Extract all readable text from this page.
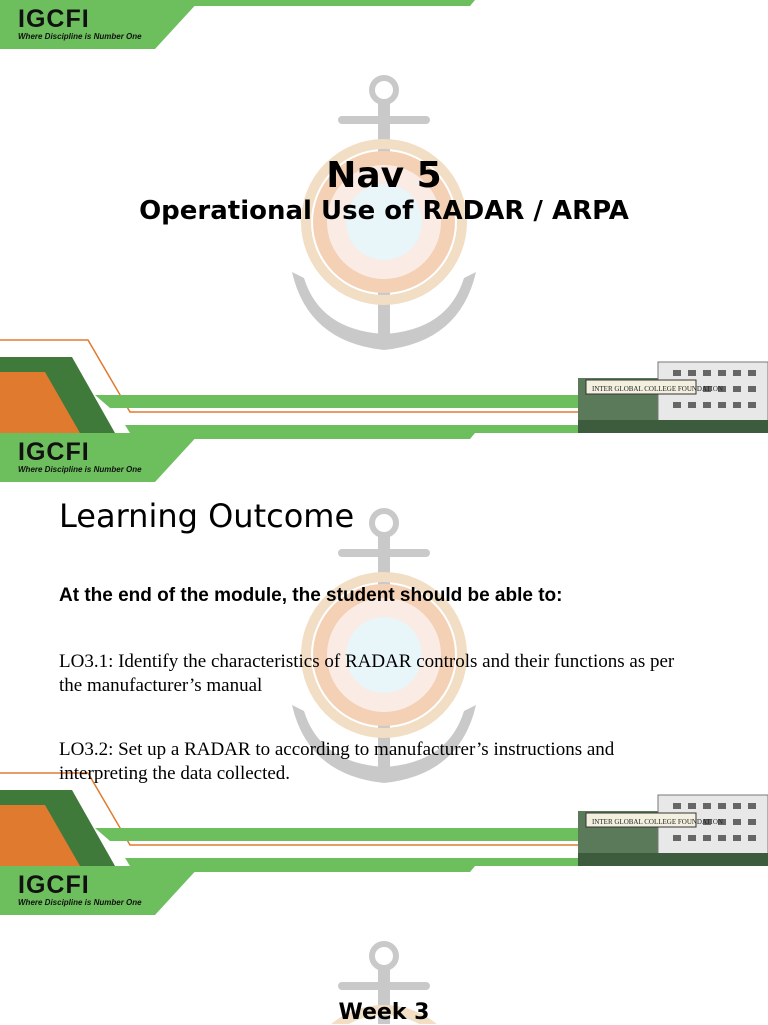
IGCFI
Where Discipline is Number One
Nav 5
Operational Use of RADAR / ARPA
INTER GLOBAL COLLEGE FOUNDATION
IGCFI
Where Discipline is Number One
INTER GLOBAL COLLEGE FOUNDATION
Learning Outcome
At the end of the module, the student should be able to:
LO3.1: Identify the characteristics of RADAR controls and their functions as per the manufacturer’s manual
LO3.2: Set up a RADAR to according to manufacturer’s instructions and interpreting the data collected.
IGCFI
Where Discipline is Number One
Week 3
